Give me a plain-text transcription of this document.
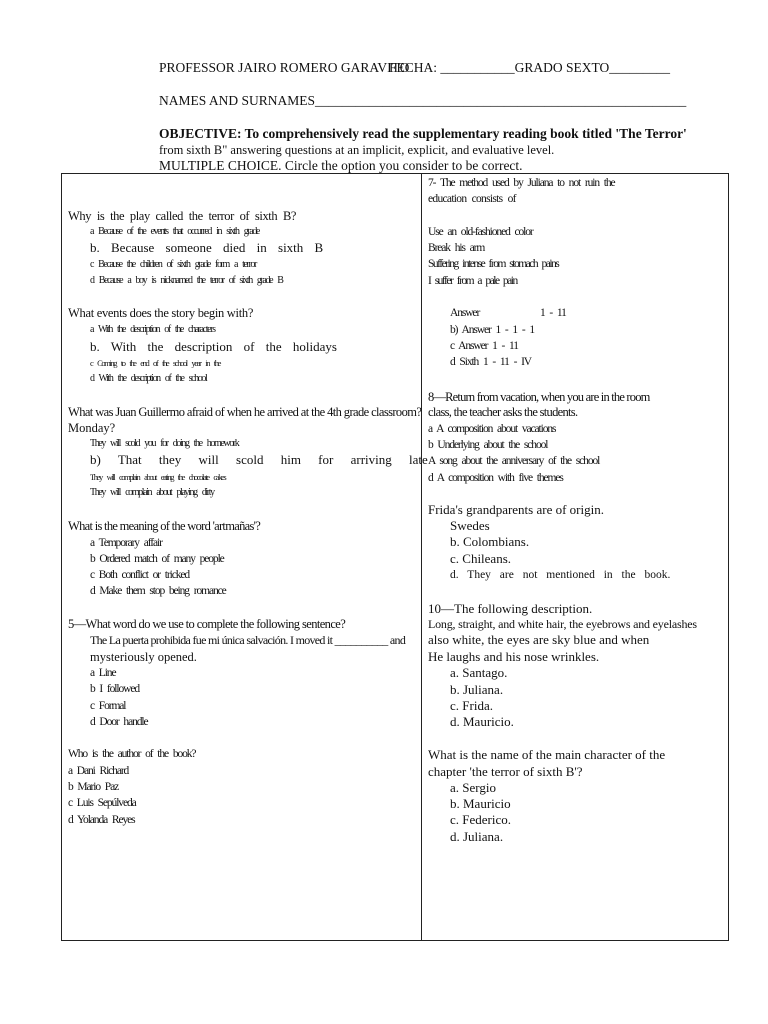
PROFESSOR JAIRO ROMERO GARAVITO
FECHA: ___________GRADO SEXTO_________
NAMES AND SURNAMES_______________________________________________________
OBJECTIVE: To comprehensively read the supplementary reading book titled 'The Terror'
from sixth B" answering questions at an implicit, explicit, and evaluative level.
MULTIPLE CHOICE. Circle the option you consider to be correct.
Why is the play called the terror of sixth B?
a Because of the events that occurred in sixth grade
b. Because someone died in sixth B
c Because the children of sixth grade form a terror
d Because a boy is nicknamed the terror of sixth grade B
What events does the story begin with?
a With the description of the characters
b. With the description of the holidays
c Coming to the end of the school year in the
d With the description of the school
What was Juan Guillermo afraid of when he arrived at the 4th grade classroom?
Monday?
They will scold you for doing the homework
b) That they will scold him for arriving late
They will complain about eating the chocolate cakes
They will complain about playing dirty
What is the meaning of the word 'artmañas'?
a Temporary affair
b Ordered match of many people
c Both conflict or tricked
d Make them stop being romance
5—What word do we use to complete the following sentence?
The La puerta prohibida fue mi única salvación. I moved it __________ and
mysteriously opened.
a Line
b I followed
c Formal
d Door handle
Who is the author of the book?
a Dani Richard
b Mario Paz
c Luis Sepúlveda
d Yolanda Reyes
7- The method used by Juliana to not ruin the
education consists of
Use an old-fashioned color
Break his arm
Suffering intense from stomach pains
I suffer from a pale pain
Answer	1 - 11
b) Answer 1 - 1 - 1
c Answer 1 - 11
d Sixth 1 - 11 - IV
8—Return from vacation, when you are in the room
class, the teacher asks the students.
a A composition about vacations
b Underlying about the school
A song about the anniversary of the school
d A composition with five themes
Frida's grandparents are of origin.
Swedes
b. Colombians.
c. Chileans.
d. They are not mentioned in the book.
10—The following description.
Long, straight, and white hair, the eyebrows and eyelashes
also white, the eyes are sky blue and when
He laughs and his nose wrinkles.
a. Santago.
b. Juliana.
c. Frida.
d. Mauricio.
What is the name of the main character of the
chapter 'the terror of sixth B'?
a. Sergio
b. Mauricio
c. Federico.
d. Juliana.
